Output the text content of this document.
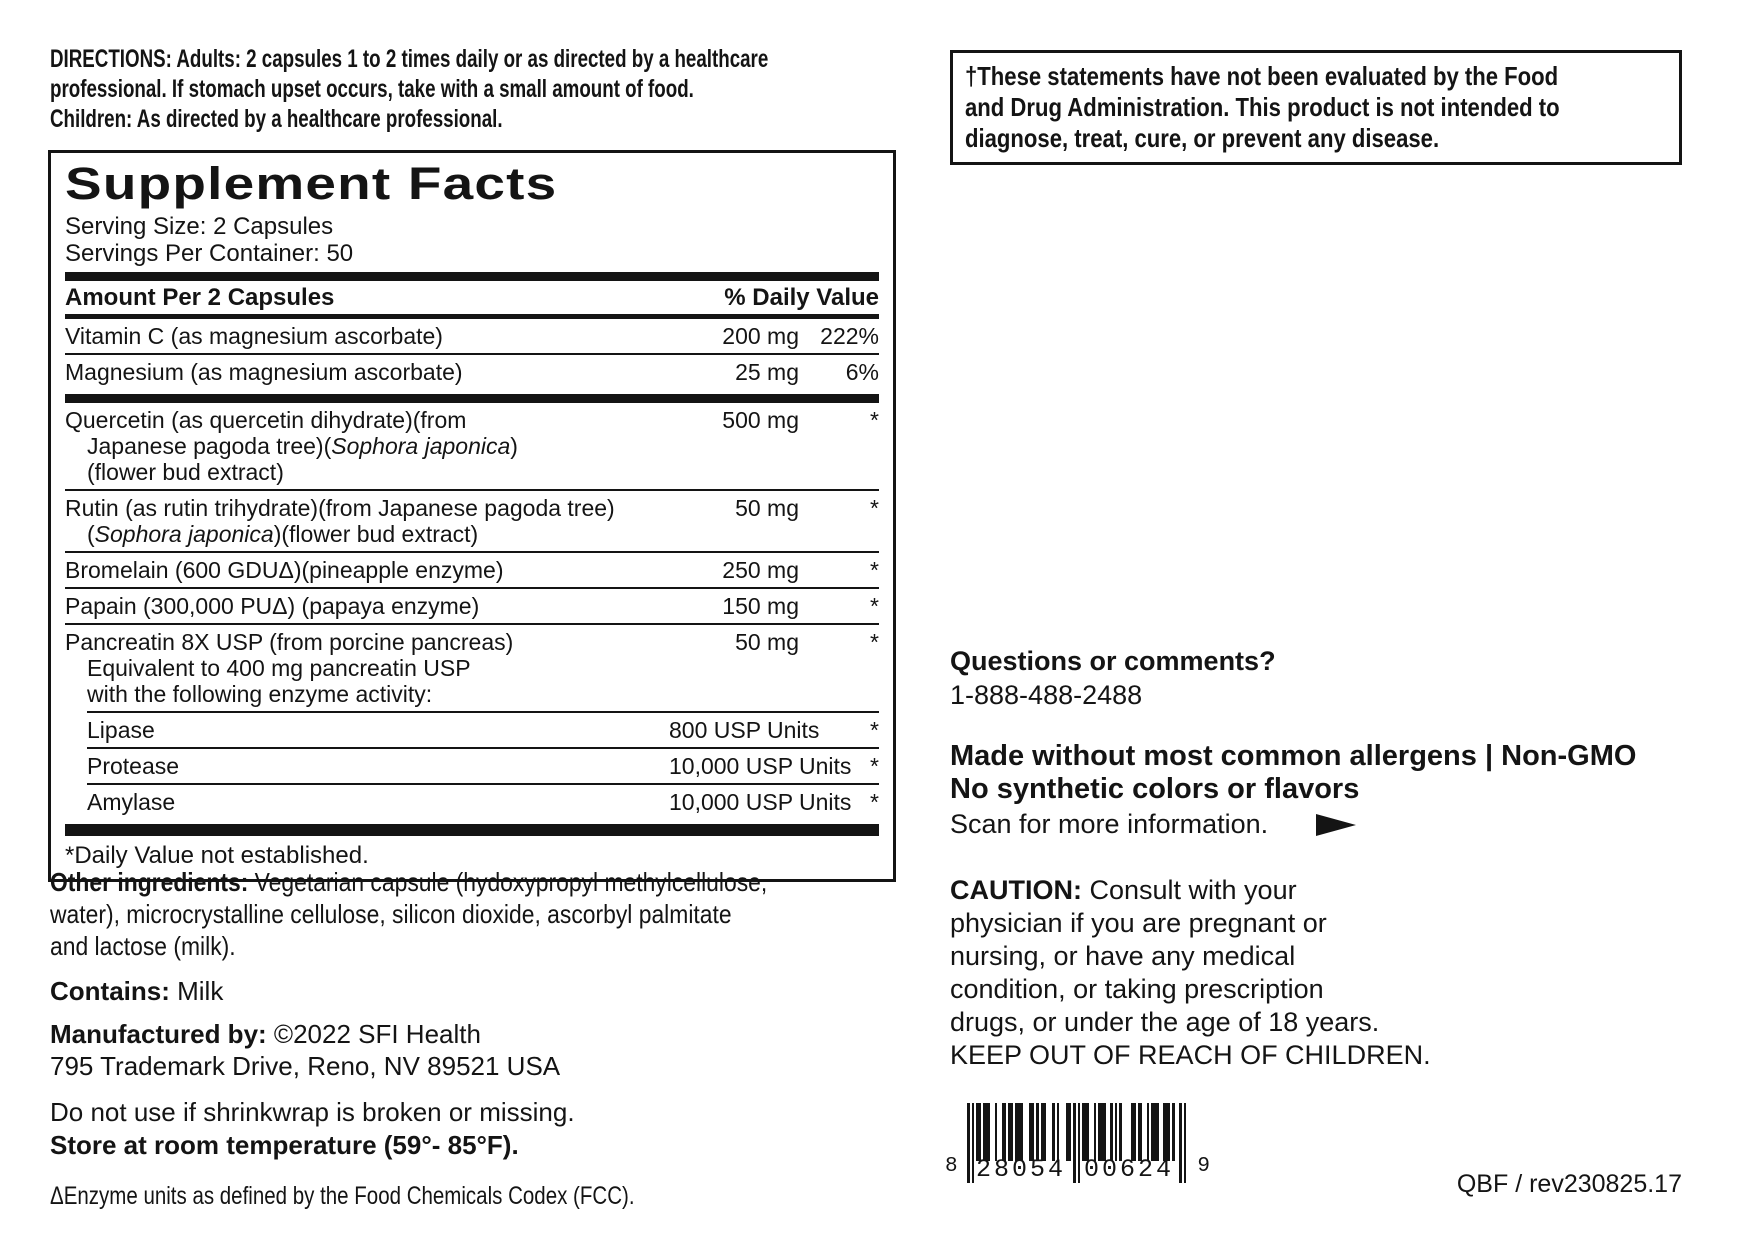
DIRECTIONS: Adults: 2 capsules 1 to 2 times daily or as directed by a healthcare
professional. If stomach upset occurs, take with a small amount of food.
Children: As directed by a healthcare professional.
Supplement Facts
Serving Size: 2 Capsules
Servings Per Container: 50
Amount Per 2 Capsules	% Daily Value
Vitamin C (as magnesium ascorbate)	200 mg 222%
Magnesium (as magnesium ascorbate)	25 mg	6%
Quercetin (as quercetin dihydrate)(from
Japanese pagoda tree)(Sophora japonica)
(flower bud extract)
500 mg	*
Rutin (as rutin trihydrate)(from Japanese pagoda tree)
(Sophora japonica)(flower bud extract)
50 mg	*
Bromelain (600 GDUΔ)(pineapple enzyme)	250 mg	*
Papain (300,000 PUΔ) (papaya enzyme)	150 mg	*
Pancreatin 8X USP (from porcine pancreas)
Equivalent to 400 mg pancreatin USP
with the following enzyme activity:
50 mg	*
Lipase	800 USP Units	*
Protease	10,000 USP Units *
Amylase	10,000 USP Units *
*Daily Value not established.
Other ingredients: Vegetarian capsule (hydoxypropyl methylcellulose,
water), microcrystalline cellulose, silicon dioxide, ascorbyl palmitate
and lactose (milk).
Contains: Milk
Manufactured by: ©2022 SFI Health
795 Trademark Drive, Reno, NV 89521 USA
Do not use if shrinkwrap is broken or missing.
Store at room temperature (59°- 85°F).
ΔEnzyme units as defined by the Food Chemicals Codex (FCC).
†These statements have not been evaluated by the Food
and Drug Administration. This product is not intended to
diagnose, treat, cure, or prevent any disease.
Questions or comments?
1-888-488-2488
Made without most common allergens | Non-GMO
No synthetic colors or flavors
Scan for more information.
CAUTION: Consult with your
physician if you are pregnant or
nursing, or have any medical
condition, or taking prescription
drugs, or under the age of 18 years.
KEEP OUT OF REACH OF CHILDREN.
8 28054 00624 9
QBF / rev230825.17
